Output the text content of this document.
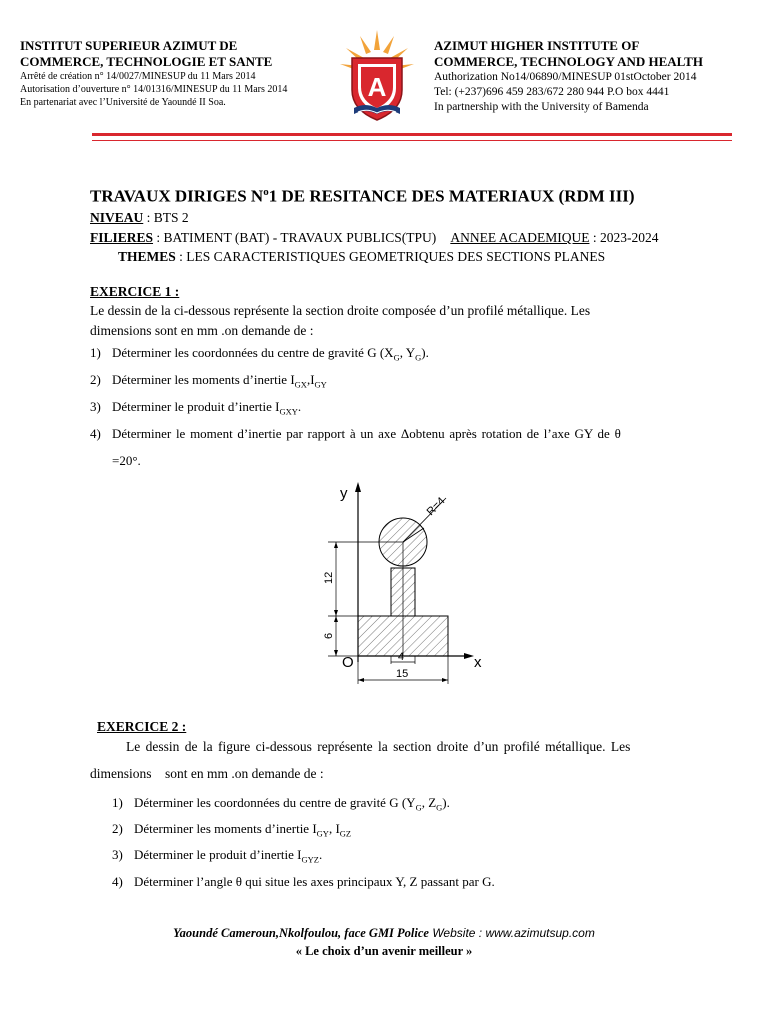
INSTITUT SUPERIEUR AZIMUT DE
COMMERCE, TECHNOLOGIE ET SANTE
Arrêté de création n° 14/0027/MINESUP du 11 Mars 2014
Autorisation d’ouverture n° 14/01316/MINESUP du 11 Mars 2014
En partenariat avec l’Université de Yaoundé II Soa.
A
AZIMUT HIGHER INSTITUTE OF
COMMERCE, TECHNOLOGY AND HEALTH
Authorization No14/06890/MINESUP 01stOctober 2014
Tel: (+237)696 459 283/672 280 944 P.O box 4441
In partnership with the University of Bamenda
TRAVAUX DIRIGES $N^o1$ DE RESITANCE DES MATERIAUX (RDM III)
NIVEAU : BTS 2
FILIERES : BATIMENT (BAT) - TRAVAUX PUBLICS(TPU) ANNEE ACADEMIQUE : 2023-2024
THEMES : LES CARACTERISTIQUES GEOMETRIQUES DES SECTIONS PLANES
EXERCICE 1 :
Le dessin de la ci-dessous représente la section droite composée d’un profilé métallique. Les
dimensions sont en mm .on demande de :
1) Déterminer les coordonnées du centre de gravité G ($X_G$, $Y_G$).
2) Déterminer les moments d’inertie $I_{GX},I_{GY}$
3) Déterminer le produit d’inertie $I_{GXY}$.
4) Déterminer le moment d’inertie par rapport à un axe Δobtenu après rotation de l’axe GY de θ
=20°.
y
x
O
R=4
12
6
4
15
EXERCICE 2 :
Le dessin de la figure ci-dessous représente la section droite d’un profilé métallique. Les
dimensions    sont en mm .on demande de :
1) Déterminer les coordonnées du centre de gravité G ($Y_G$, $Z_G$).
2) Déterminer les moments d’inertie $I_{GY}$, $I_{GZ}$
3) Déterminer le produit d’inertie $I_{GYZ}$.
4) Déterminer l’angle θ qui situe les axes principaux Y, Z passant par G.
Yaoundé Cameroun,Nkolfoulou, face GMI Police Website : www.azimutsup.com
« Le choix d’un avenir meilleur »
